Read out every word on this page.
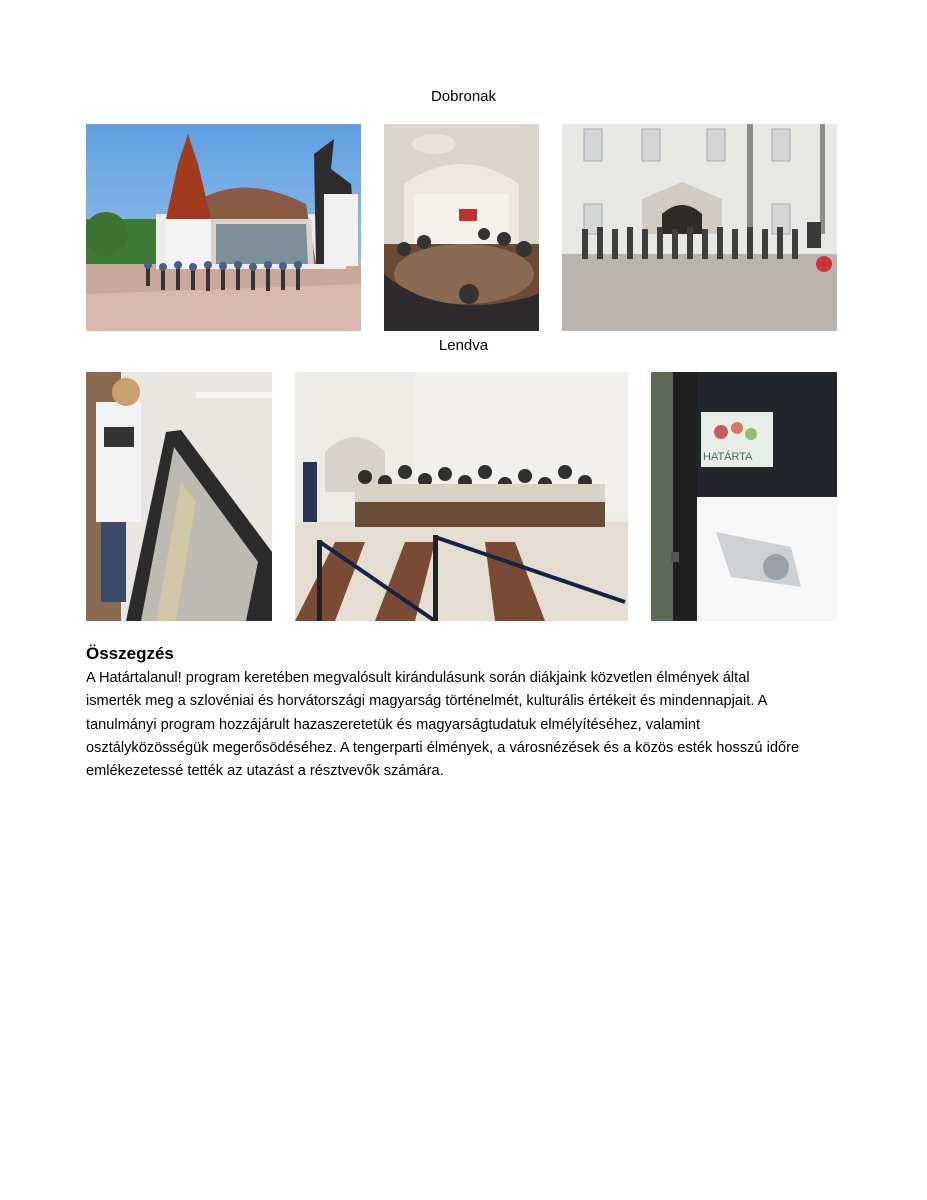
Dobronak
Lendva
HATÁRTA
Összegzés

A Határtalanul! program keretében megvalósult kirándulásunk során diákjaink közvetlen élmények által
ismerték meg a szlovéniai és horvátországi magyarság történelmét, kulturális értékeit és mindennapjait. A
tanulmányi program hozzájárult hazaszeretetük és magyarságtudatuk elmélyítéséhez, valamint
osztályközösségük megerősödéséhez. A tengerparti élmények, a városnézések és a közös esték hosszú időre
emlékezetessé tették az utazást a résztvevők számára.
